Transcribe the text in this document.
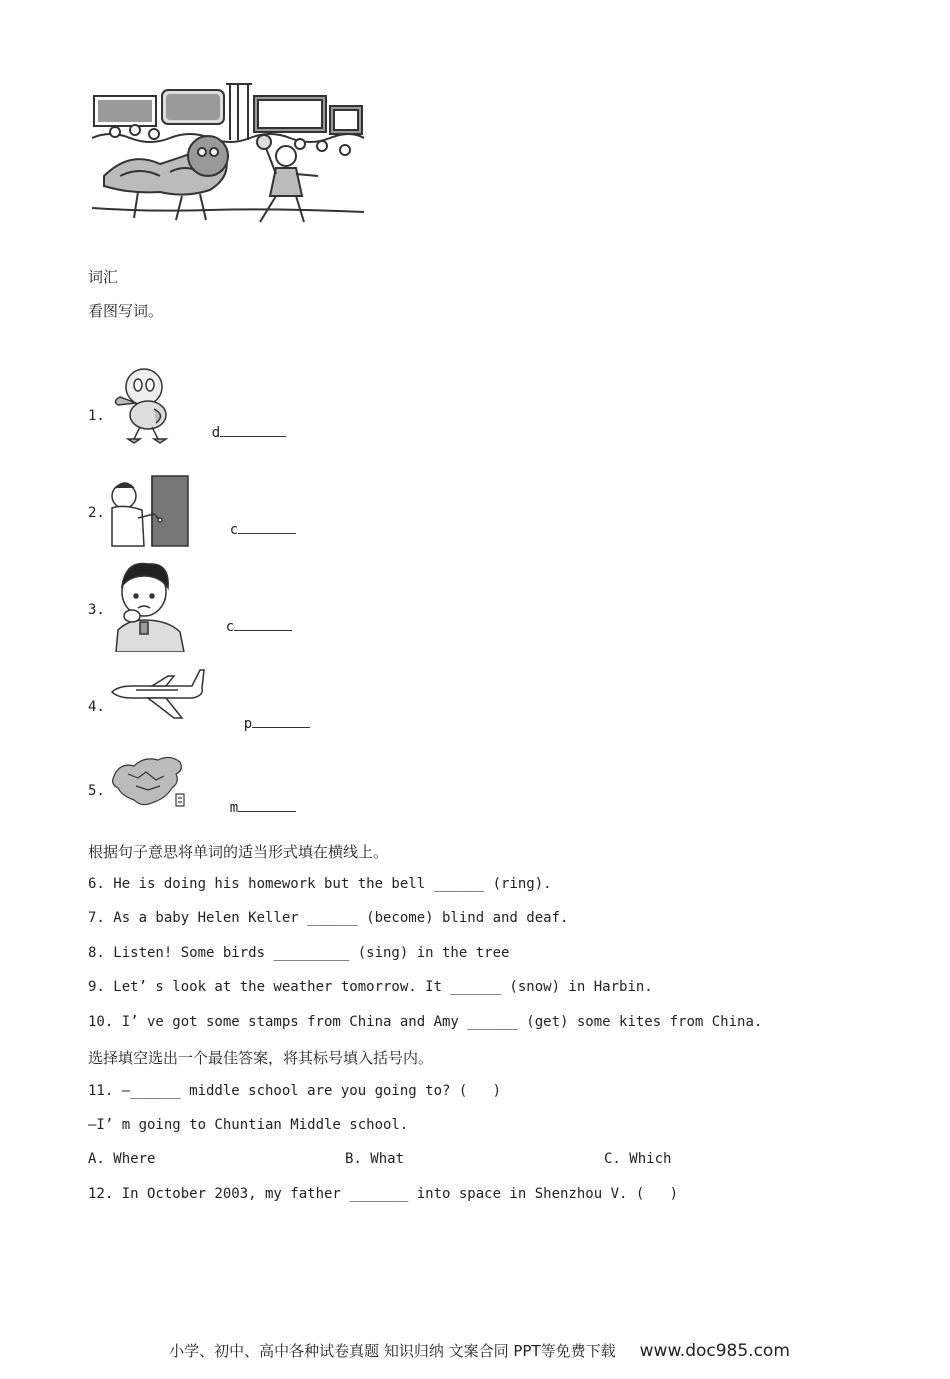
词汇
看图写词。
1.

d

2.

c

3.

c

4.

p

5.

m

根据句子意思将单词的适当形式填在横线上。
6. He is doing his homework but the bell ______ (ring).
7. As a baby Helen Keller ______ (become) blind and deaf.
8. Listen! Some birds _________ (sing) in the tree
9. Let’ s look at the weather tomorrow. It ______ (snow) in Harbin.
10. I’ ve got some stamps from China and Amy ______ (get) some kites from China.
选择填空选出一个最佳答案，将其标号填入括号内。
11. —______ middle school are you going to? (   )
—I’ m going to Chuntian Middle school.
A. Where	B. What	C. Which
12. In October 2003, my father _______ into space in Shenzhou V. (   )

小学、初中、高中各种试卷真题 知识归纳 文案合同 PPT等免费下载 www.doc985.com
